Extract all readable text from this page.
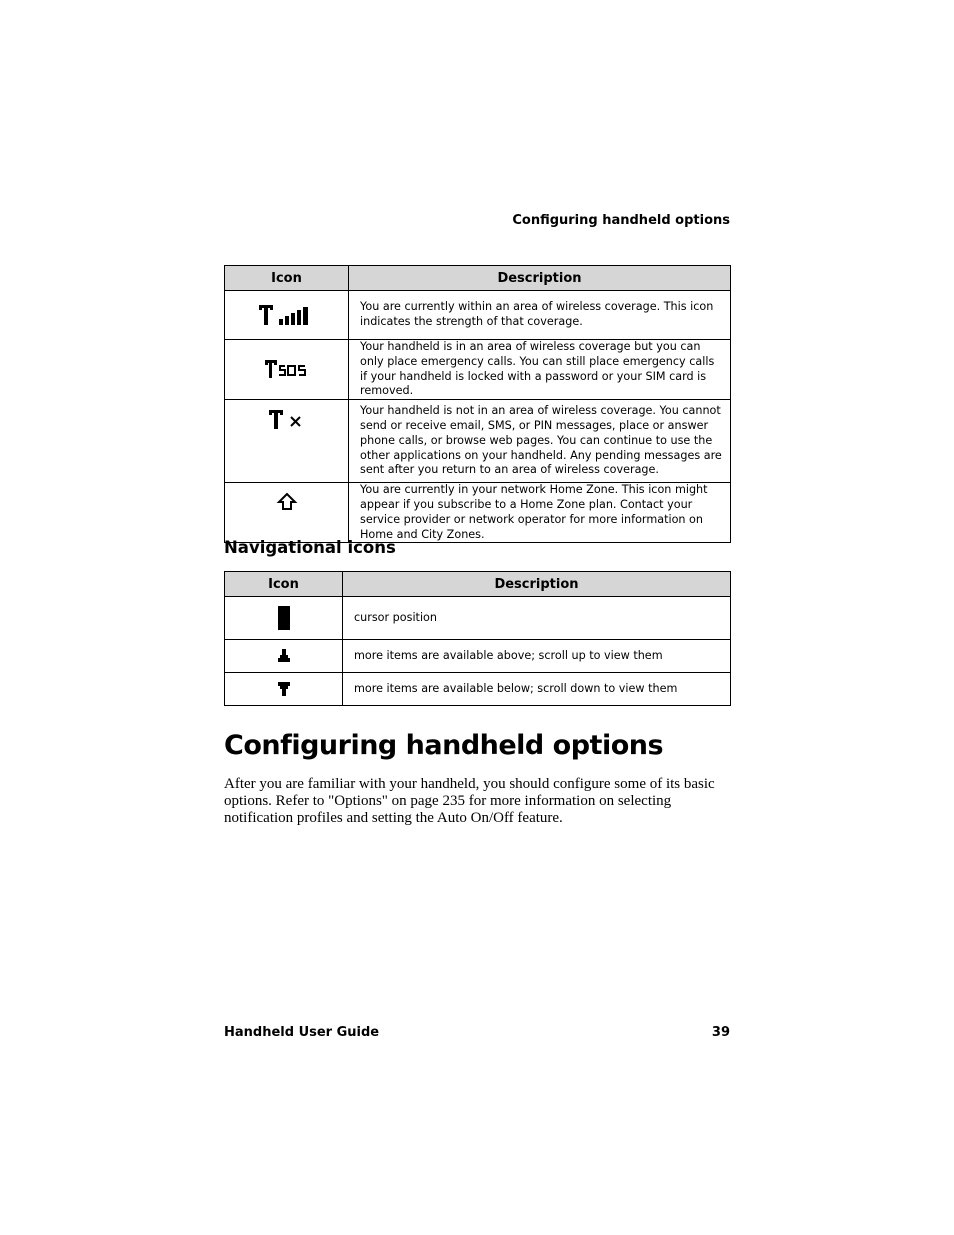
Configuring handheld options
Icon	Description
	You are currently within an area of wireless coverage. This icon indicates the strength of that coverage.
	Your handheld is in an area of wireless coverage but you can only place emergency calls. You can still place emergency calls if your handheld is locked with a password or your SIM card is removed.
	Your handheld is not in an area of wireless coverage. You cannot send or receive email, SMS, or PIN messages, place or answer phone calls, or browse web pages. You can continue to use the other applications on your handheld. Any pending messages are sent after you return to an area of wireless coverage.
	You are currently in your network Home Zone. This icon might appear if you subscribe to a Home Zone plan. Contact your service provider or network operator for more information on Home and City Zones.
Navigational icons
Icon	Description
	cursor position
	more items are available above; scroll up to view them
	more items are available below; scroll down to view them
Configuring handheld options
After you are familiar with your handheld, you should configure some of its basic options. Refer to "Options" on page 235 for more information on selecting notification profiles and setting the Auto On/Off feature.
Handheld User Guide	39
